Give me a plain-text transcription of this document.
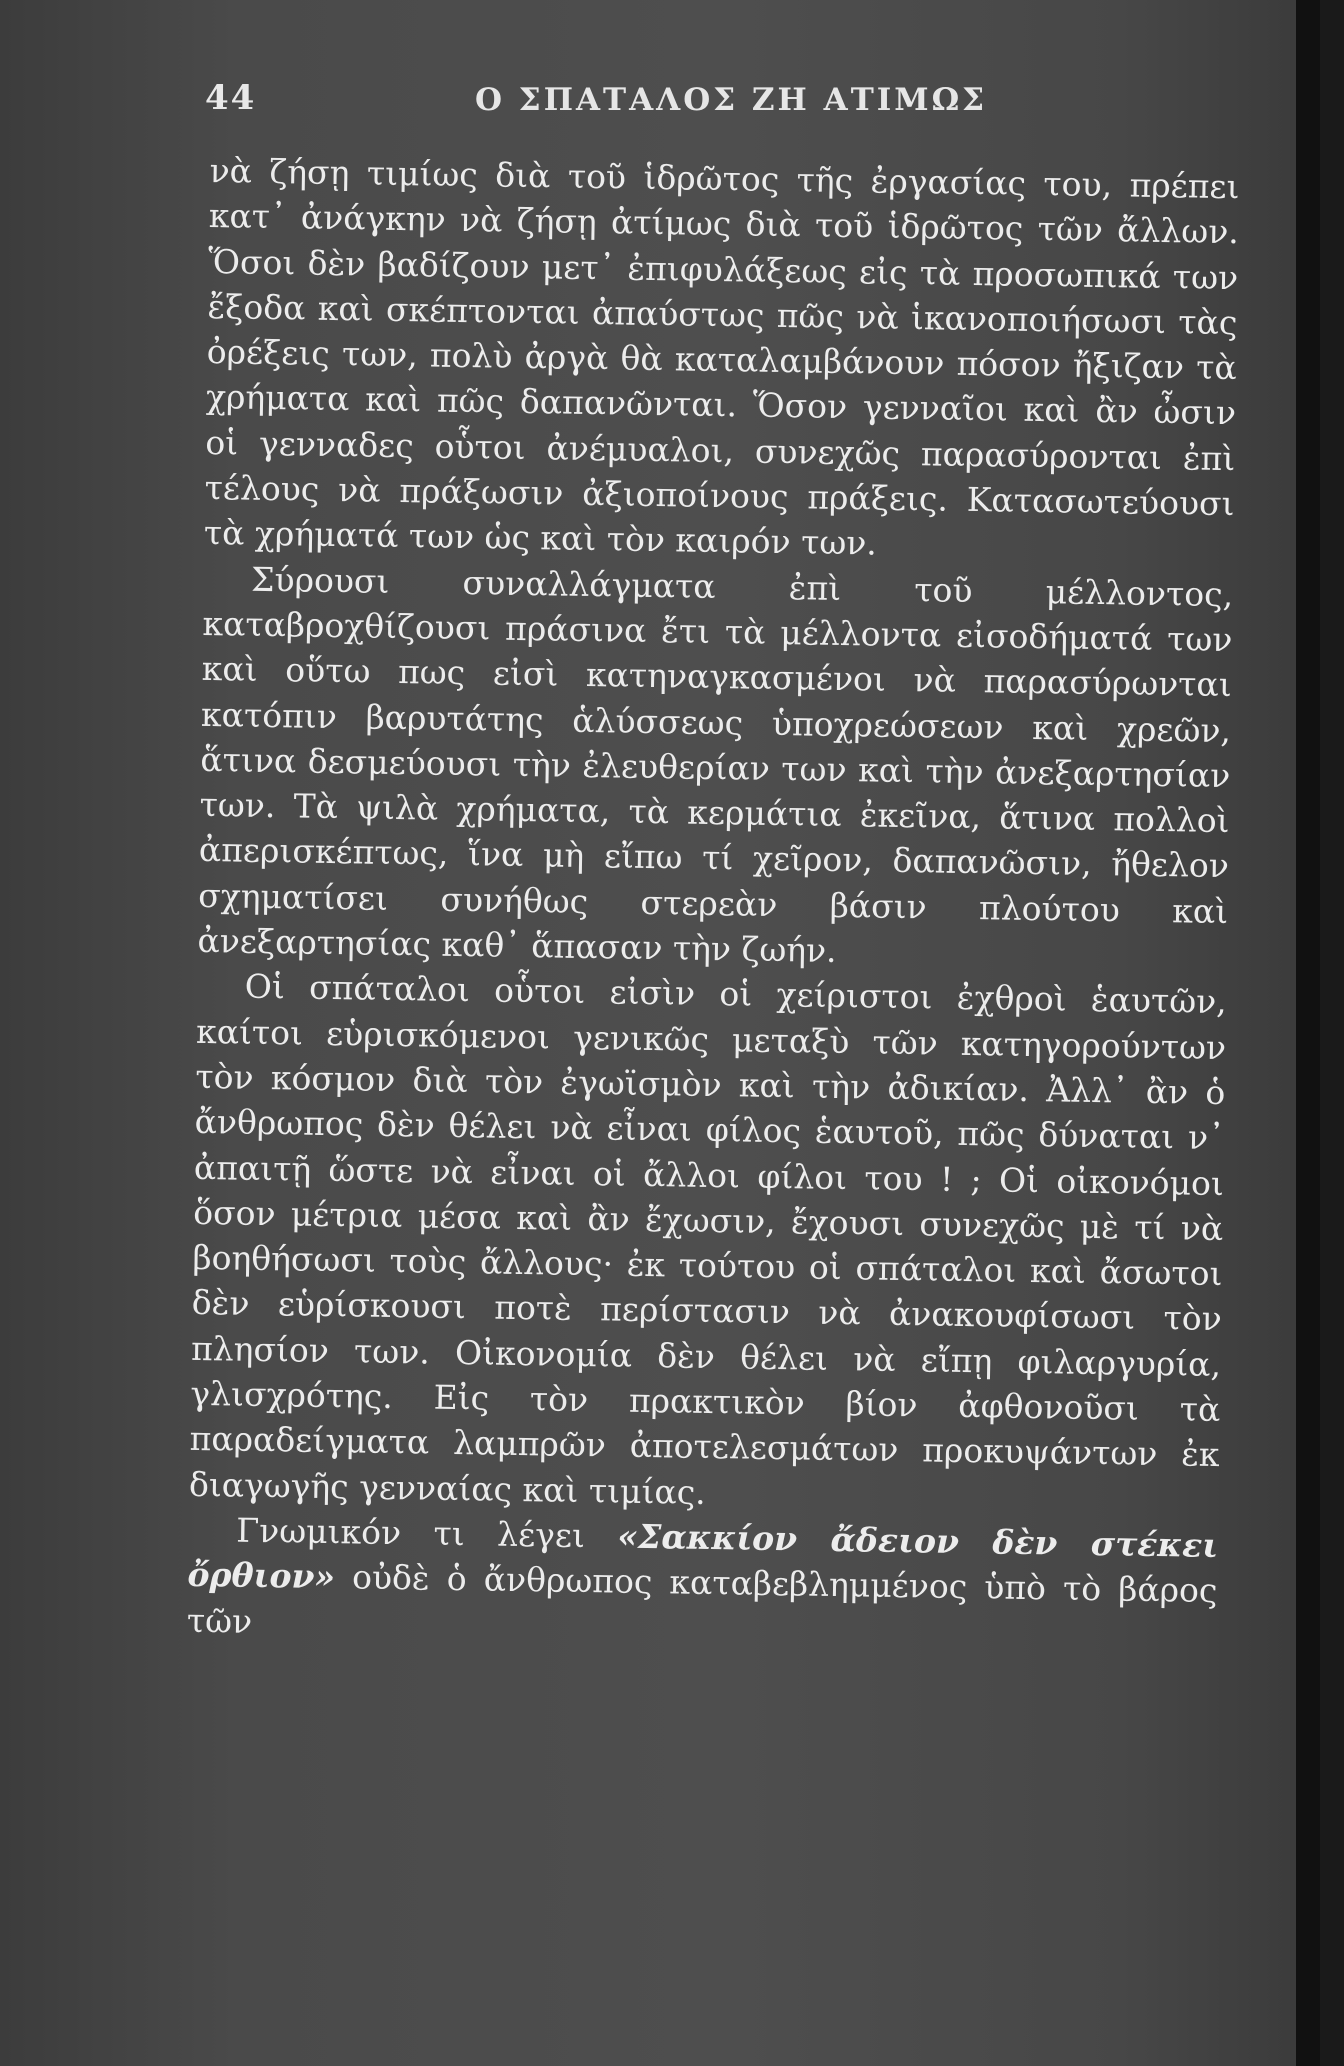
44	Ο ΣΠΑΤΑΛΟΣ ΖΗ ΑΤΙΜΩΣ

νὰ ζήσῃ τιμίως διὰ τοῦ ἱδρῶτος τῆς ἐργασίας του, πρέπει κατ᾽ ἀνάγκην νὰ ζήσῃ ἀτίμως διὰ τοῦ ἱδρῶτος τῶν ἄλλων. Ὅσοι δὲν βαδίζουν μετ᾽ ἐπιφυλάξεως εἰς τὰ προσωπικά των ἔξοδα καὶ σκέπτονται ἀπαύστως πῶς νὰ ἱκανοποιήσωσι τὰς ὀρέξεις των, πολὺ ἀργὰ θὰ καταλαμβάνουν πόσον ἤξιζαν τὰ χρήματα καὶ πῶς δαπανῶνται. Ὅσον γενναῖοι καὶ ἂν ὦσιν οἱ γενναδες οὗτοι ἀνέμυαλοι, συνεχῶς παρασύρονται ἐπὶ τέλους νὰ πράξωσιν ἀξιοποίνους πράξεις. Κατασωτεύουσι τὰ χρήματά των ὡς καὶ τὸν καιρόν των.

Σύρουσι συναλλάγματα ἐπὶ τοῦ μέλλοντος, καταβροχθίζουσι πράσινα ἔτι τὰ μέλλοντα εἰσοδήματά των καὶ οὕτω πως εἰσὶ κατηναγκασμένοι νὰ παρασύρωνται κατόπιν βαρυτάτης ἁλύσσεως ὑποχρεώσεων καὶ χρεῶν, ἅτινα δεσμεύουσι τὴν ἐλευθερίαν των καὶ τὴν ἀνεξαρτησίαν των. Τὰ ψιλὰ χρήματα, τὰ κερμάτια ἐκεῖνα, ἅτινα πολλοὶ ἀπερισκέπτως, ἵνα μὴ εἴπω τί χεῖρον, δαπανῶσιν, ἤθελον σχηματίσει συνήθως στερεὰν βάσιν πλούτου καὶ ἀνεξαρτησίας καθ᾽ ἅπασαν τὴν ζωήν.

Οἱ σπάταλοι οὗτοι εἰσὶν οἱ χείριστοι ἐχθροὶ ἑαυτῶν, καίτοι εὑρισκόμενοι γενικῶς μεταξὺ τῶν κατηγορούντων τὸν κόσμον διὰ τὸν ἐγωϊσμὸν καὶ τὴν ἀδικίαν. Ἀλλ᾽ ἂν ὁ ἄνθρωπος δὲν θέλει νὰ εἶναι φίλος ἑαυτοῦ, πῶς δύναται ν᾽ ἀπαιτῇ ὥστε νὰ εἶναι οἱ ἄλλοι φίλοι του ! ; Οἱ οἰκονόμοι ὅσον μέτρια μέσα καὶ ἂν ἔχωσιν, ἔχουσι συνεχῶς μὲ τί νὰ βοηθήσωσι τοὺς ἄλλους· ἐκ τούτου οἱ σπάταλοι καὶ ἄσωτοι δὲν εὑρίσκουσι ποτὲ περίστασιν νὰ ἀνακουφίσωσι τὸν πλησίον των. Οἰκονομία δὲν θέλει νὰ εἴπῃ φιλαργυρία, γλισχρότης. Εἰς τὸν πρακτικὸν βίον ἀφθονοῦσι τὰ παραδείγματα λαμπρῶν ἀποτελεσμάτων προκυψάντων ἐκ διαγωγῆς γενναίας καὶ τιμίας.

Γνωμικόν τι λέγει «Σακκίον ἄδειον δὲν στέκει ὄρθιον» οὐδὲ ὁ ἄνθρωπος καταβεβλημμένος ὑπὸ τὸ βάρος τῶν
